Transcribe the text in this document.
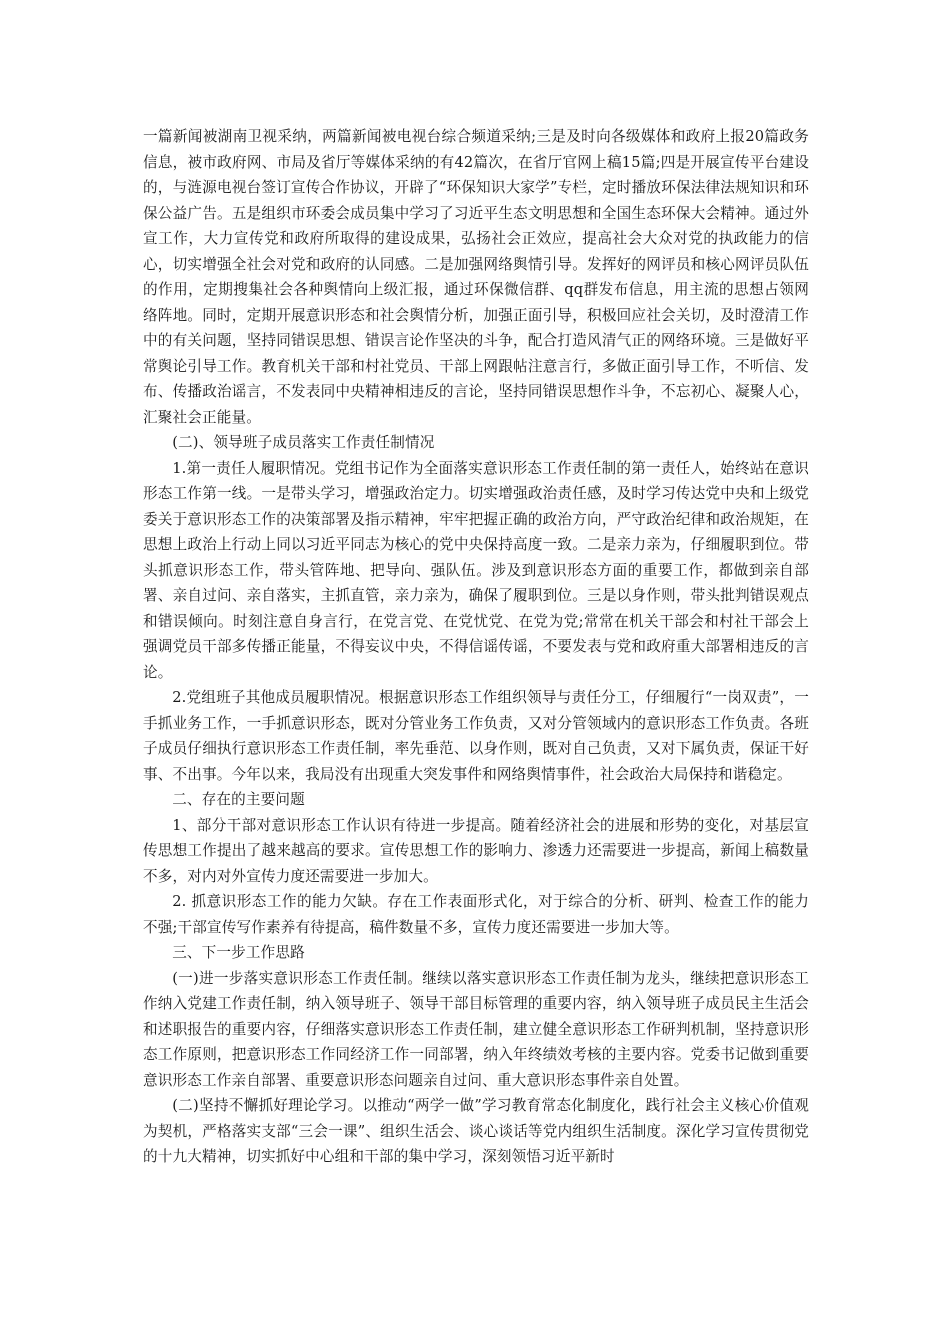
一篇新闻被湖南卫视采纳，两篇新闻被电视台综合频道采纳;三是及时向各级媒体和政府上报20篇政务信息，被市政府网、市局及省厅等媒体采纳的有42篇次，在省厅官网上稿15篇;四是开展宣传平台建设的，与涟源电视台签订宣传合作协议，开辟了“环保知识大家学”专栏，定时播放环保法律法规知识和环保公益广告。五是组织市环委会成员集中学习了习近平生态文明思想和全国生态环保大会精神。通过外宣工作，大力宣传党和政府所取得的建设成果，弘扬社会正效应，提高社会大众对党的执政能力的信心，切实增强全社会对党和政府的认同感。二是加强网络舆情引导。发挥好的网评员和核心网评员队伍的作用，定期搜集社会各种舆情向上级汇报，通过环保微信群、qq群发布信息，用主流的思想占领网络阵地。同时，定期开展意识形态和社会舆情分析，加强正面引导，积极回应社会关切，及时澄清工作中的有关问题，坚持同错误思想、错误言论作坚决的斗争，配合打造风清气正的网络环境。三是做好平常舆论引导工作。教育机关干部和村社党员、干部上网跟帖注意言行，多做正面引导工作，不听信、发布、传播政治谣言，不发表同中央精神相违反的言论，坚持同错误思想作斗争，不忘初心、凝聚人心，汇聚社会正能量。

(二)、领导班子成员落实工作责任制情况

1.第一责任人履职情况。党组书记作为全面落实意识形态工作责任制的第一责任人，始终站在意识形态工作第一线。一是带头学习，增强政治定力。切实增强政治责任感，及时学习传达党中央和上级党委关于意识形态工作的决策部署及指示精神，牢牢把握正确的政治方向，严守政治纪律和政治规矩，在思想上政治上行动上同以习近平同志为核心的党中央保持高度一致。二是亲力亲为，仔细履职到位。带头抓意识形态工作，带头管阵地、把导向、强队伍。涉及到意识形态方面的重要工作，都做到亲自部署、亲自过问、亲自落实，主抓直管，亲力亲为，确保了履职到位。三是以身作则，带头批判错误观点和错误倾向。时刻注意自身言行，在党言党、在党忧党、在党为党;常常在机关干部会和村社干部会上强调党员干部多传播正能量，不得妄议中央，不得信谣传谣，不要发表与党和政府重大部署相违反的言论。

2.党组班子其他成员履职情况。根据意识形态工作组织领导与责任分工，仔细履行“一岗双责”，一手抓业务工作，一手抓意识形态，既对分管业务工作负责，又对分管领域内的意识形态工作负责。各班子成员仔细执行意识形态工作责任制，率先垂范、以身作则，既对自己负责，又对下属负责，保证干好事、不出事。今年以来，我局没有出现重大突发事件和网络舆情事件，社会政治大局保持和谐稳定。

二、存在的主要问题

1、部分干部对意识形态工作认识有待进一步提高。随着经济社会的进展和形势的变化，对基层宣传思想工作提出了越来越高的要求。宣传思想工作的影响力、渗透力还需要进一步提高，新闻上稿数量不多，对内对外宣传力度还需要进一步加大。

2. 抓意识形态工作的能力欠缺。存在工作表面形式化，对于综合的分析、研判、检查工作的能力不强;干部宣传写作素养有待提高，稿件数量不多，宣传力度还需要进一步加大等。

三、下一步工作思路

(一)进一步落实意识形态工作责任制。继续以落实意识形态工作责任制为龙头，继续把意识形态工作纳入党建工作责任制，纳入领导班子、领导干部目标管理的重要内容，纳入领导班子成员民主生活会和述职报告的重要内容，仔细落实意识形态工作责任制，建立健全意识形态工作研判机制，坚持意识形态工作原则，把意识形态工作同经济工作一同部署，纳入年终绩效考核的主要内容。党委书记做到重要意识形态工作亲自部署、重要意识形态问题亲自过问、重大意识形态事件亲自处置。

(二)坚持不懈抓好理论学习。以推动“两学一做”学习教育常态化制度化，践行社会主义核心价值观为契机，严格落实支部“三会一课”、组织生活会、谈心谈话等党内组织生活制度。深化学习宣传贯彻党的十九大精神，切实抓好中心组和干部的集中学习，深刻领悟习近平新时
